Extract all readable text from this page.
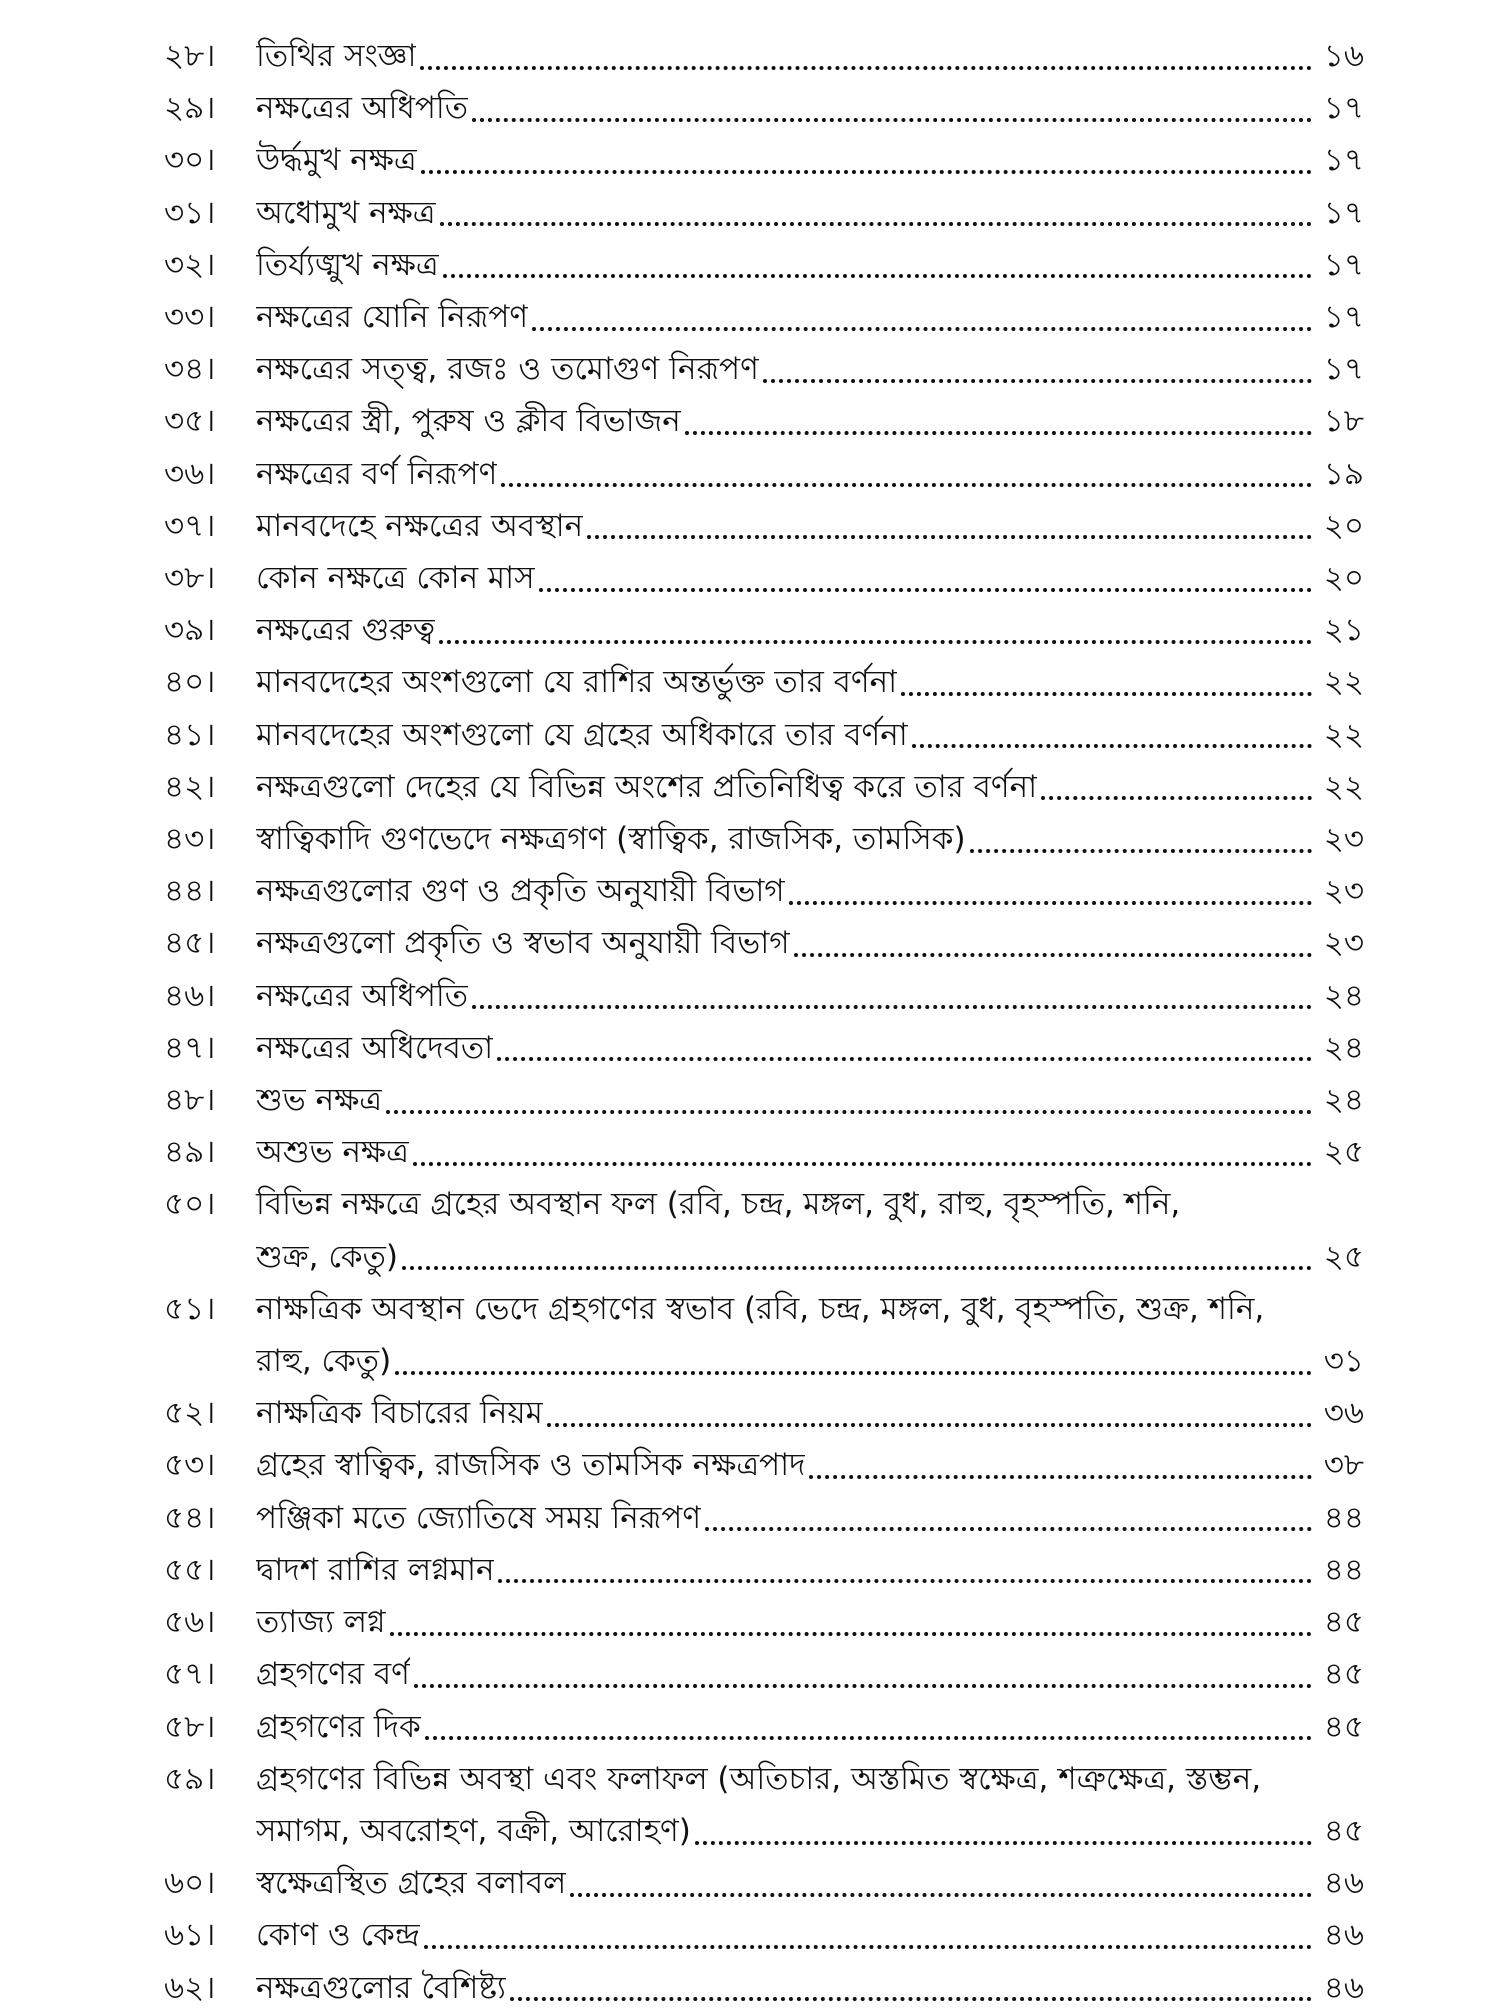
২৮।	তিথির সংজ্ঞা	১৬
২৯।	নক্ষত্রের অধিপতি	১৭
৩০।	উর্দ্ধমুখ নক্ষত্র	১৭
৩১।	অধোমুখ নক্ষত্র	১৭
৩২।	তির্য্যঙ্মুখ নক্ষত্র	১৭
৩৩।	নক্ষত্রের যোনি নিরূপণ	১৭
৩৪।	নক্ষত্রের সত্ত্ব, রজঃ ও তমোগুণ নিরূপণ	১৭
৩৫।	নক্ষত্রের স্ত্রী, পুরুষ ও ক্লীব বিভাজন	১৮
৩৬।	নক্ষত্রের বর্ণ নিরূপণ	১৯
৩৭।	মানবদেহে নক্ষত্রের অবস্থান	২০
৩৮।	কোন নক্ষত্রে কোন মাস	২০
৩৯।	নক্ষত্রের গুরুত্ব	২১
৪০।	মানবদেহের অংশগুলো যে রাশির অন্তর্ভুক্ত তার বর্ণনা	২২
৪১।	মানবদেহের অংশগুলো যে গ্রহের অধিকারে তার বর্ণনা	২২
৪২।	নক্ষত্রগুলো দেহের যে বিভিন্ন অংশের প্রতিনিধিত্ব করে তার বর্ণনা	২২
৪৩।	স্বাত্বিকাদি গুণভেদে নক্ষত্রগণ (স্বাত্বিক, রাজসিক, তামসিক)	২৩
৪৪।	নক্ষত্রগুলোর গুণ ও প্রকৃতি অনুযায়ী বিভাগ	২৩
৪৫।	নক্ষত্রগুলো প্রকৃতি ও স্বভাব অনুযায়ী বিভাগ	২৩
৪৬।	নক্ষত্রের অধিপতি	২৪
৪৭।	নক্ষত্রের অধিদেবতা	২৪
৪৮।	শুভ নক্ষত্র	২৪
৪৯।	অশুভ নক্ষত্র	২৫
৫০।	বিভিন্ন নক্ষত্রে গ্রহের অবস্থান ফল (রবি, চন্দ্র, মঙ্গল, বুধ, রাহু, বৃহস্পতি, শনি,
শুক্র, কেতু)	২৫
৫১।	নাক্ষত্রিক অবস্থান ভেদে গ্রহগণের স্বভাব (রবি, চন্দ্র, মঙ্গল, বুধ, বৃহস্পতি, শুক্র, শনি,
রাহু, কেতু)	৩১
৫২।	নাক্ষত্রিক বিচারের নিয়ম	৩৬
৫৩।	গ্রহের স্বাত্বিক, রাজসিক ও তামসিক নক্ষত্রপাদ	৩৮
৫৪।	পঞ্জিকা মতে জ্যোতিষে সময় নিরূপণ	৪৪
৫৫।	দ্বাদশ রাশির লগ্নমান	৪৪
৫৬।	ত্যাজ্য লগ্ন	৪৫
৫৭।	গ্রহগণের বর্ণ	৪৫
৫৮।	গ্রহগণের দিক	৪৫
৫৯।	গ্রহগণের বিভিন্ন অবস্থা এবং ফলাফল (অতিচার, অস্তমিত স্বক্ষেত্র, শত্রুক্ষেত্র, স্তম্ভন,
সমাগম, অবরোহণ, বক্রী, আরোহণ)	৪৫
৬০।	স্বক্ষেত্রস্থিত গ্রহের বলাবল	৪৬
৬১।	কোণ ও কেন্দ্র	৪৬
৬২।	নক্ষত্রগুলোর বৈশিষ্ট্য	৪৬
